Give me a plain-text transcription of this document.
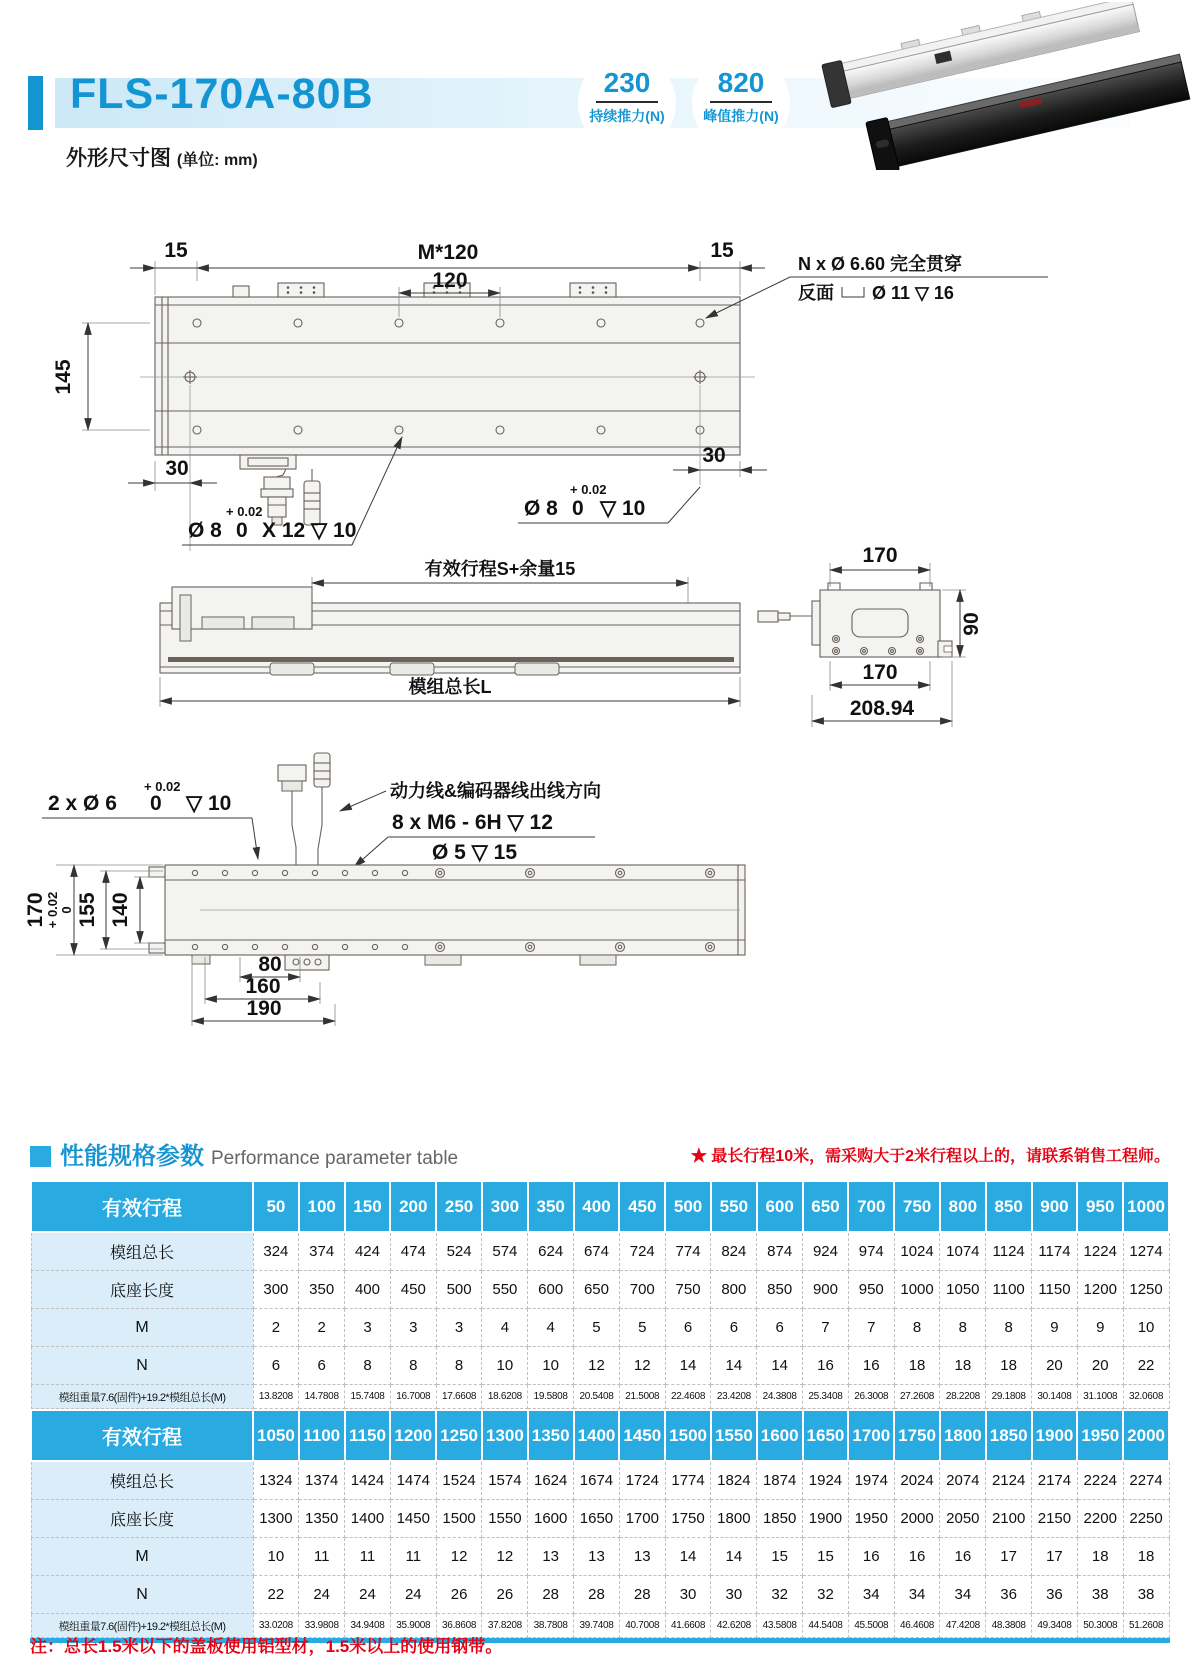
FLS-170A-80B	230
持续推力(N)
820
峰值推力(N)
外形尺寸图 (单位: mm)
15	M*120	15
120
145
30
30
N x Ø 6.60 完全贯穿
反面 Ø 11 ▽ 16
+ 0.02
Ø 8 0 X 12 ▽ 10
+ 0.02
Ø 8 0 ▽ 10
有效行程S+余量15
模组总长L
170
90
170
208.94
+ 0.02
2 x Ø 6 0 ▽ 10
动力线&编码器线出线方向
8 x M6 - 6H ▽ 12
Ø 5 ▽ 15
140
155
170
+ 0.02 0
80
160
190
性能规格参数 Performance parameter table	★ 最长行程10米，需采购大于2米行程以上的，请联系销售工程师。
有效行程	50	100	150	200	250	300	350	400	450	500	550	600	650	700	750	800	850	900	950	1000
模组总长	324	374	424	474	524	574	624	674	724	774	824	874	924	974	1024	1074	1124	1174	1224	1274
底座长度	300	350	400	450	500	550	600	650	700	750	800	850	900	950	1000	1050	1100	1150	1200	1250
M	2	2	3	3	3	4	4	5	5	6	6	6	7	7	8	8	8	9	9	10
N	6	6	8	8	8	10	10	12	12	14	14	14	16	16	18	18	18	20	20	22
模组重量7.6(固件)+19.2*模组总长(M)	13.8208	14.7808	15.7408	16.7008	17.6608	18.6208	19.5808	20.5408	21.5008	22.4608	23.4208	24.3808	25.3408	26.3008	27.2608	28.2208	29.1808	30.1408	31.1008	32.0608
有效行程	1050	1100	1150	1200	1250	1300	1350	1400	1450	1500	1550	1600	1650	1700	1750	1800	1850	1900	1950	2000
模组总长	1324	1374	1424	1474	1524	1574	1624	1674	1724	1774	1824	1874	1924	1974	2024	2074	2124	2174	2224	2274
底座长度	1300	1350	1400	1450	1500	1550	1600	1650	1700	1750	1800	1850	1900	1950	2000	2050	2100	2150	2200	2250
M	10	11	11	11	12	12	13	13	13	14	14	15	15	16	16	16	17	17	18	18
N	22	24	24	24	26	26	28	28	28	30	30	32	32	34	34	34	36	36	38	38
模组重量7.6(固件)+19.2*模组总长(M)	33.0208	33.9808	34.9408	35.9008	36.8608	37.8208	38.7808	39.7408	40.7008	41.6608	42.6208	43.5808	44.5408	45.5008	46.4608	47.4208	48.3808	49.3408	50.3008	51.2608
注：总长1.5米以下的盖板使用铝型材，1.5米以上的使用钢带。
